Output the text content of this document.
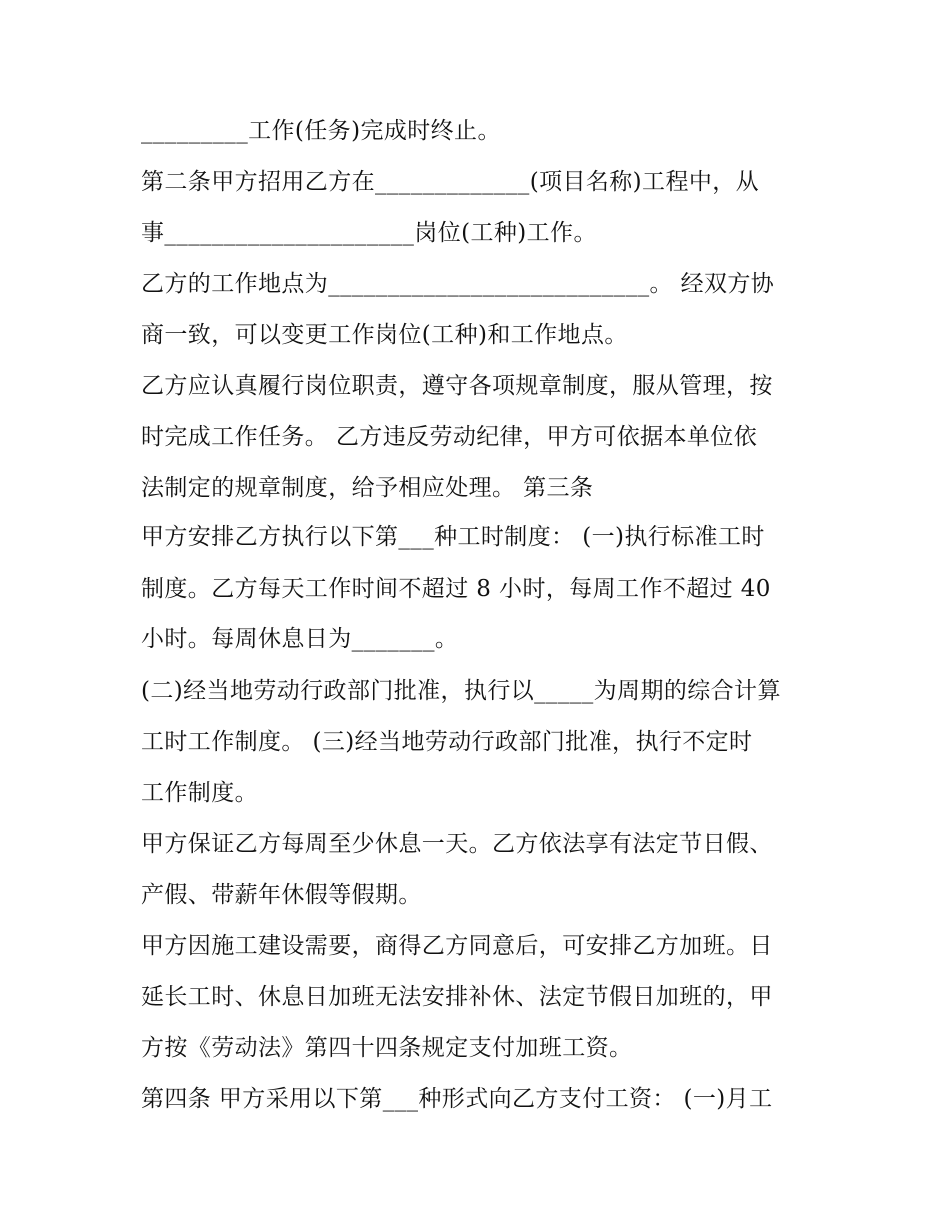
_________工作(任务)完成时终止。
第二条甲方招用乙方在_____________(项目名称)工程中，从
事_____________________岗位(工种)工作。
乙方的工作地点为___________________________。 经双方协
商一致，可以变更工作岗位(工种)和工作地点。
乙方应认真履行岗位职责，遵守各项规章制度，服从管理，按
时完成工作任务。 乙方违反劳动纪律，甲方可依据本单位依
法制定的规章制度，给予相应处理。 第三条
甲方安排乙方执行以下第___种工时制度： (一)执行标准工时
制度。乙方每天工作时间不超过 8 小时，每周工作不超过 40
小时。每周休息日为_______。
(二)经当地劳动行政部门批准，执行以_____为周期的综合计算
工时工作制度。 (三)经当地劳动行政部门批准，执行不定时
工作制度。
甲方保证乙方每周至少休息一天。乙方依法享有法定节日假、
产假、带薪年休假等假期。
甲方因施工建设需要，商得乙方同意后，可安排乙方加班。日
延长工时、休息日加班无法安排补休、法定节假日加班的，甲
方按《劳动法》第四十四条规定支付加班工资。
第四条 甲方采用以下第___种形式向乙方支付工资： (一)月工
